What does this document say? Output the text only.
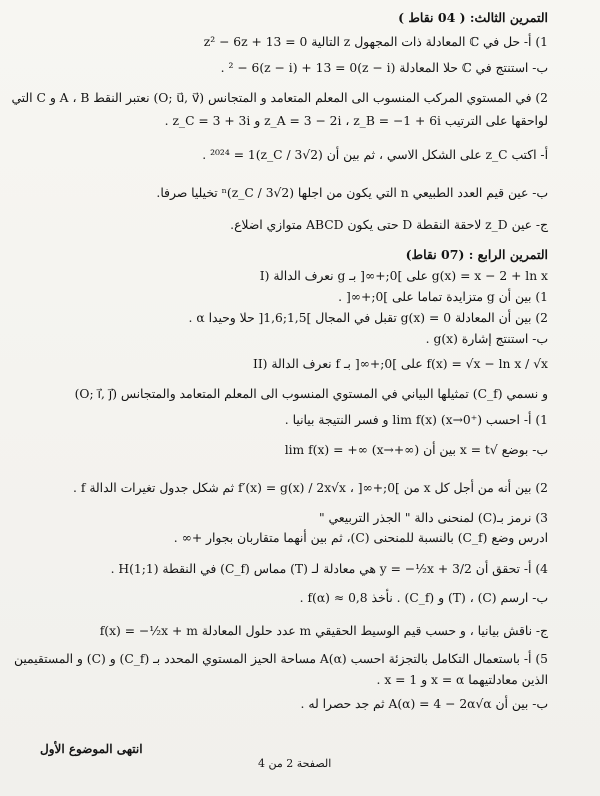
التمرين الثالث: ( 04 نقاط )
1) أ- حل في ℂ المعادلة ذات المجهول z التالية z² − 6z + 13 = 0
ب- استنتج في ℂ حلا المعادلة (z − i)² − 6(z − i) + 13 = 0 .
2) في المستوي المركب المنسوب الى المعلم المتعامد و المتجانس (O; u⃗, v⃗) نعتبر النقط A ، B و C التي
لواحقها على الترتيب z_A = 3 − 2i ، z_B = −1 + 6i و z_C = 3 + 3i .
أ- اكتب z_C على الشكل الاسي ، ثم بين أن (z_C / 3√2)²⁰²⁴ = 1 .
ب- عين قيم العدد الطبيعي n التي يكون من اجلها (z_C / 3√2)ⁿ تخيليا صرفا.
ج- عين z_D لاحقة النقطة D حتى يكون ABCD متوازي اضلاع.
التمرين الرابع : (07 نقاط)
I) نعرف الدالة g على ]0;+∞[ بـ g(x) = x − 2 + ln x
1) بين أن g متزايدة تماما على ]0;+∞[ .
2) بين أن المعادلة g(x) = 0 تقبل في المجال ]1,5;1,6[ حلا وحيدا α .
ب- استنتج إشارة g(x) .
II) نعرف الدالة f على ]0;+∞[ بـ f(x) = √x − ln x / √x
و نسمي (C_f) تمثيلها البياني في المستوي المنسوب الى المعلم المتعامد والمتجانس (O; i⃗, j⃗)
1) أ- احسب lim f(x) (x→0⁺) و فسر النتيجة بيانيا .
ب- بوضع √x = t بين أن lim f(x) = +∞ (x→+∞)
2) بين أنه من أجل كل x من ]0;+∞[ ، f′(x) = g(x) / 2x√x ثم شكل جدول تغيرات الدالة f .
3) نرمز بـ(C) لمنحنى دالة " الجذر التربيعي "
ادرس وضع (C_f) بالنسبة للمنحنى (C)، ثم بين أنهما متقاربان بجوار +∞ .
4) أ- تحقق أن y = −½x + 3/2 هي معادلة لـ (T) مماس (C_f) في النقطة H(1;1) .
ب- ارسم (C) ، (T) و (C_f) . نأخذ f(α) ≈ 0,8 .
ج- ناقش بيانيا ، و حسب قيم الوسيط الحقيقي m عدد حلول المعادلة f(x) = −½x + m
5) أ- باستعمال التكامل بالتجزئة احسب A(α) مساحة الحيز المستوي المحدد بـ (C_f) و (C) و المستقيمين
الذين معادلتيهما x = α و x = 1 .
ب- بين أن A(α) = 4 − 2α√α ثم جد حصرا له .
انتهى الموضوع الأول
الصفحة 2 من 4
